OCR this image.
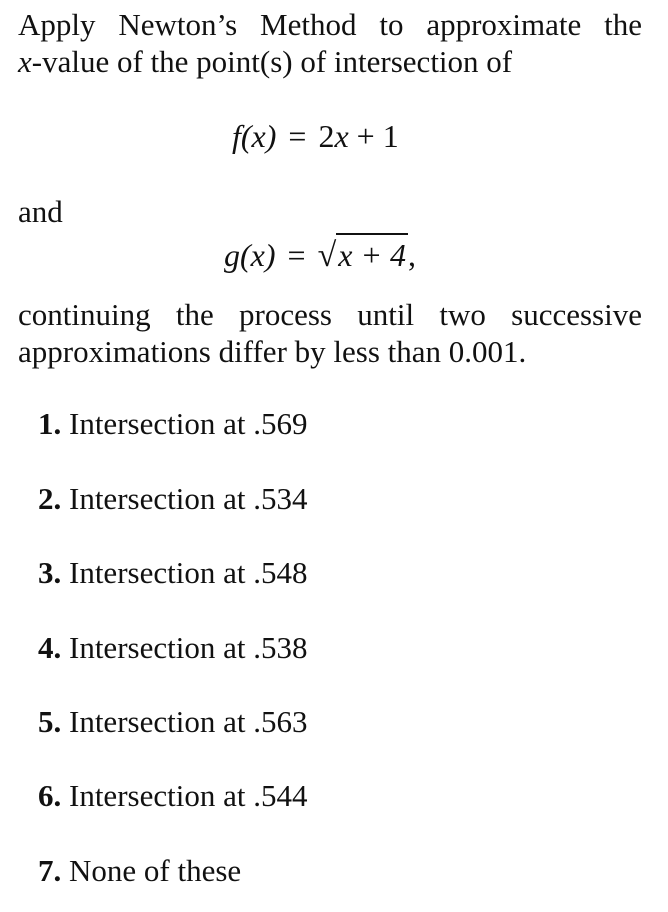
Apply Newton’s Method to approximate the

x-value of the point(s) of intersection of

f(x) = 2x + 1

and

g(x) = √x + 4,

continuing the process until two successive

approximations differ by less than 0.001.

1. Intersection at .569
2. Intersection at .534
3. Intersection at .548
4. Intersection at .538
5. Intersection at .563
6. Intersection at .544
7. None of these
